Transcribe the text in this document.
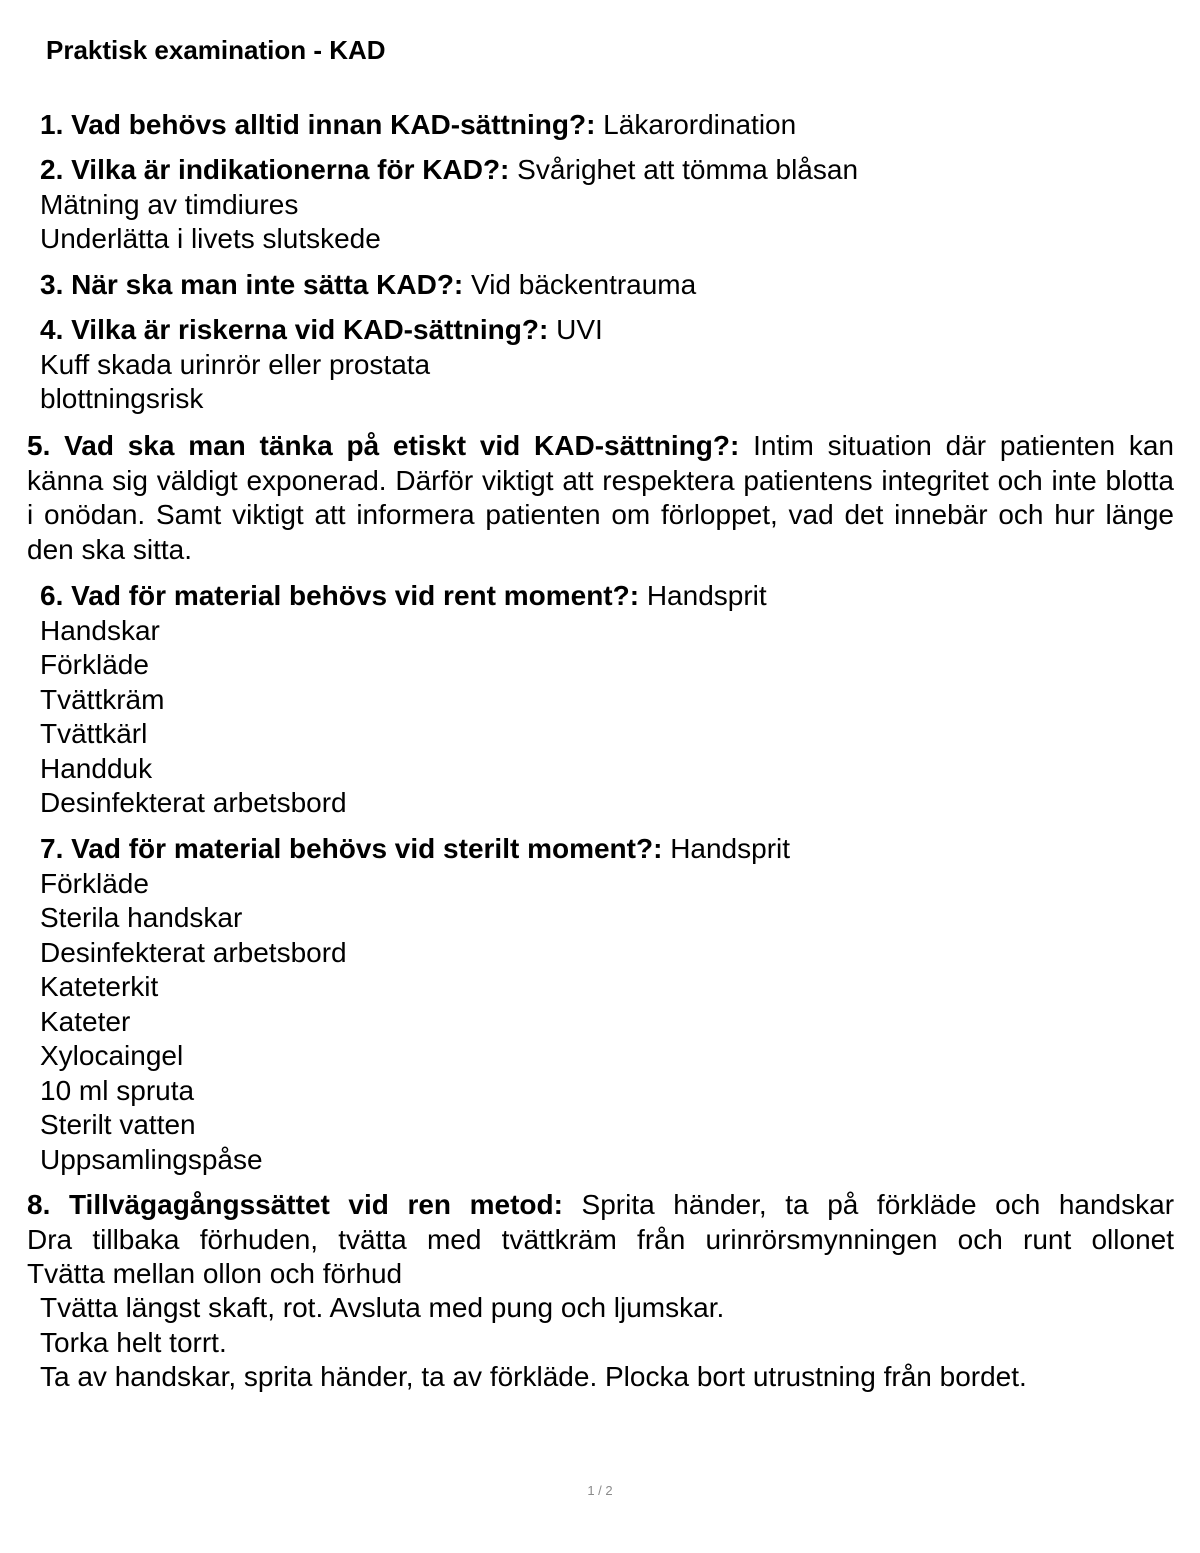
Praktisk examination - KAD
1. Vad behövs alltid innan KAD-sättning?: Läkarordination
2. Vilka är indikationerna för KAD?: Svårighet att tömma blåsan
Mätning av timdiures
Underlätta i livets slutskede
3. När ska man inte sätta KAD?: Vid bäckentrauma
4. Vilka är riskerna vid KAD-sättning?: UVI
Kuff skada urinrör eller prostata
blottningsrisk
5. Vad ska man tänka på etiskt vid KAD-sättning?: Intim situation där patienten kan känna sig väldigt exponerad. Därför viktigt att respektera patientens integritet och inte blotta i onödan. Samt viktigt att informera patienten om förloppet, vad det innebär och hur länge den ska sitta.
6. Vad för material behövs vid rent moment?: Handsprit
Handskar
Förkläde
Tvättkräm
Tvättkärl
Handduk
Desinfekterat arbetsbord
7. Vad för material behövs vid sterilt moment?: Handsprit
Förkläde
Sterila handskar
Desinfekterat arbetsbord
Kateterkit
Kateter
Xylocaingel
10 ml spruta
Sterilt vatten
Uppsamlingspåse
8. Tillvägagångssättet vid ren metod: Sprita händer, ta på förkläde och handskar
Dra tillbaka förhuden, tvätta med tvättkräm från urinrörsmynningen och runt ollonet
Tvätta mellan ollon och förhud
Tvätta längst skaft, rot. Avsluta med pung och ljumskar.
Torka helt torrt.
Ta av handskar, sprita händer, ta av förkläde. Plocka bort utrustning från bordet.
1 / 2
